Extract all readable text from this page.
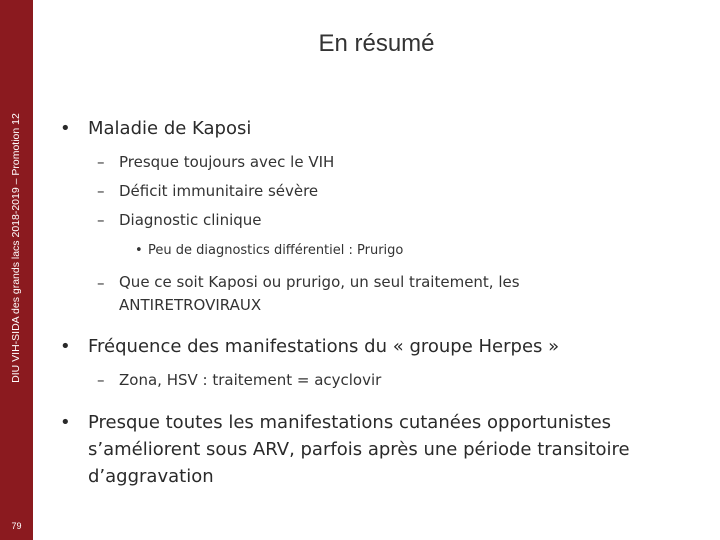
DIU VIH-SIDA des grands lacs 2018-2019 – Promotion 12
79
En résumé
• Maladie de Kaposi
– Presque toujours avec le VIH
– Déficit immunitaire sévère
– Diagnostic clinique
• Peu de diagnostics différentiel : Prurigo
– Que ce soit Kaposi ou prurigo, un seul traitement, les ANTIRETROVIRAUX
• Fréquence des manifestations du « groupe Herpes »
– Zona, HSV : traitement = acyclovir
• Presque toutes les manifestations cutanées opportunistes s’améliorent sous ARV, parfois après une période transitoire d’aggravation
